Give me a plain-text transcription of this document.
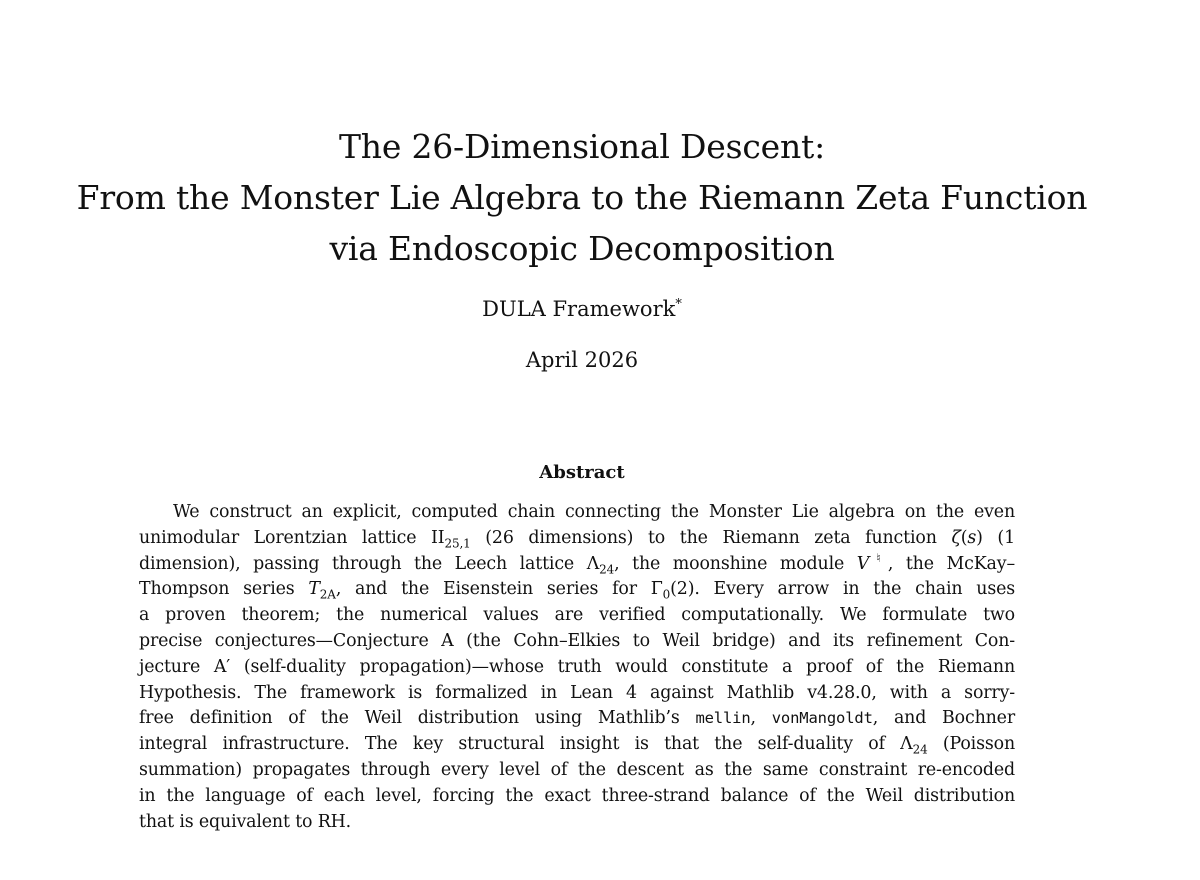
The 26-Dimensional Descent:
From the Monster Lie Algebra to the Riemann Zeta Function
via Endoscopic Decomposition
DULA Framework*
April 2026
Abstract
We construct an explicit, computed chain connecting the Monster Lie algebra on the even
unimodular Lorentzian lattice $II_{25,1}$ (26 dimensions) to the Riemann zeta function ζ(s) (1
dimension), passing through the Leech lattice $\Lambda_{24}$, the moonshine module V♮, the McKay–
Thompson series $T_{2A}$, and the Eisenstein series for $\Gamma_0(2)$. Every arrow in the chain uses
a proven theorem; the numerical values are verified computationally. We formulate two
precise conjectures—Conjecture A (the Cohn–Elkies to Weil bridge) and its refinement Con-
jecture A′ (self-duality propagation)—whose truth would constitute a proof of the Riemann
Hypothesis. The framework is formalized in Lean 4 against Mathlib v4.28.0, with a sorry-
free definition of the Weil distribution using Mathlib’s mellin, vonMangoldt, and Bochner
integral infrastructure. The key structural insight is that the self-duality of $\Lambda_{24}$ (Poisson
summation) propagates through every level of the descent as the same constraint re-encoded
in the language of each level, forcing the exact three-strand balance of the Weil distribution
that is equivalent to RH.
